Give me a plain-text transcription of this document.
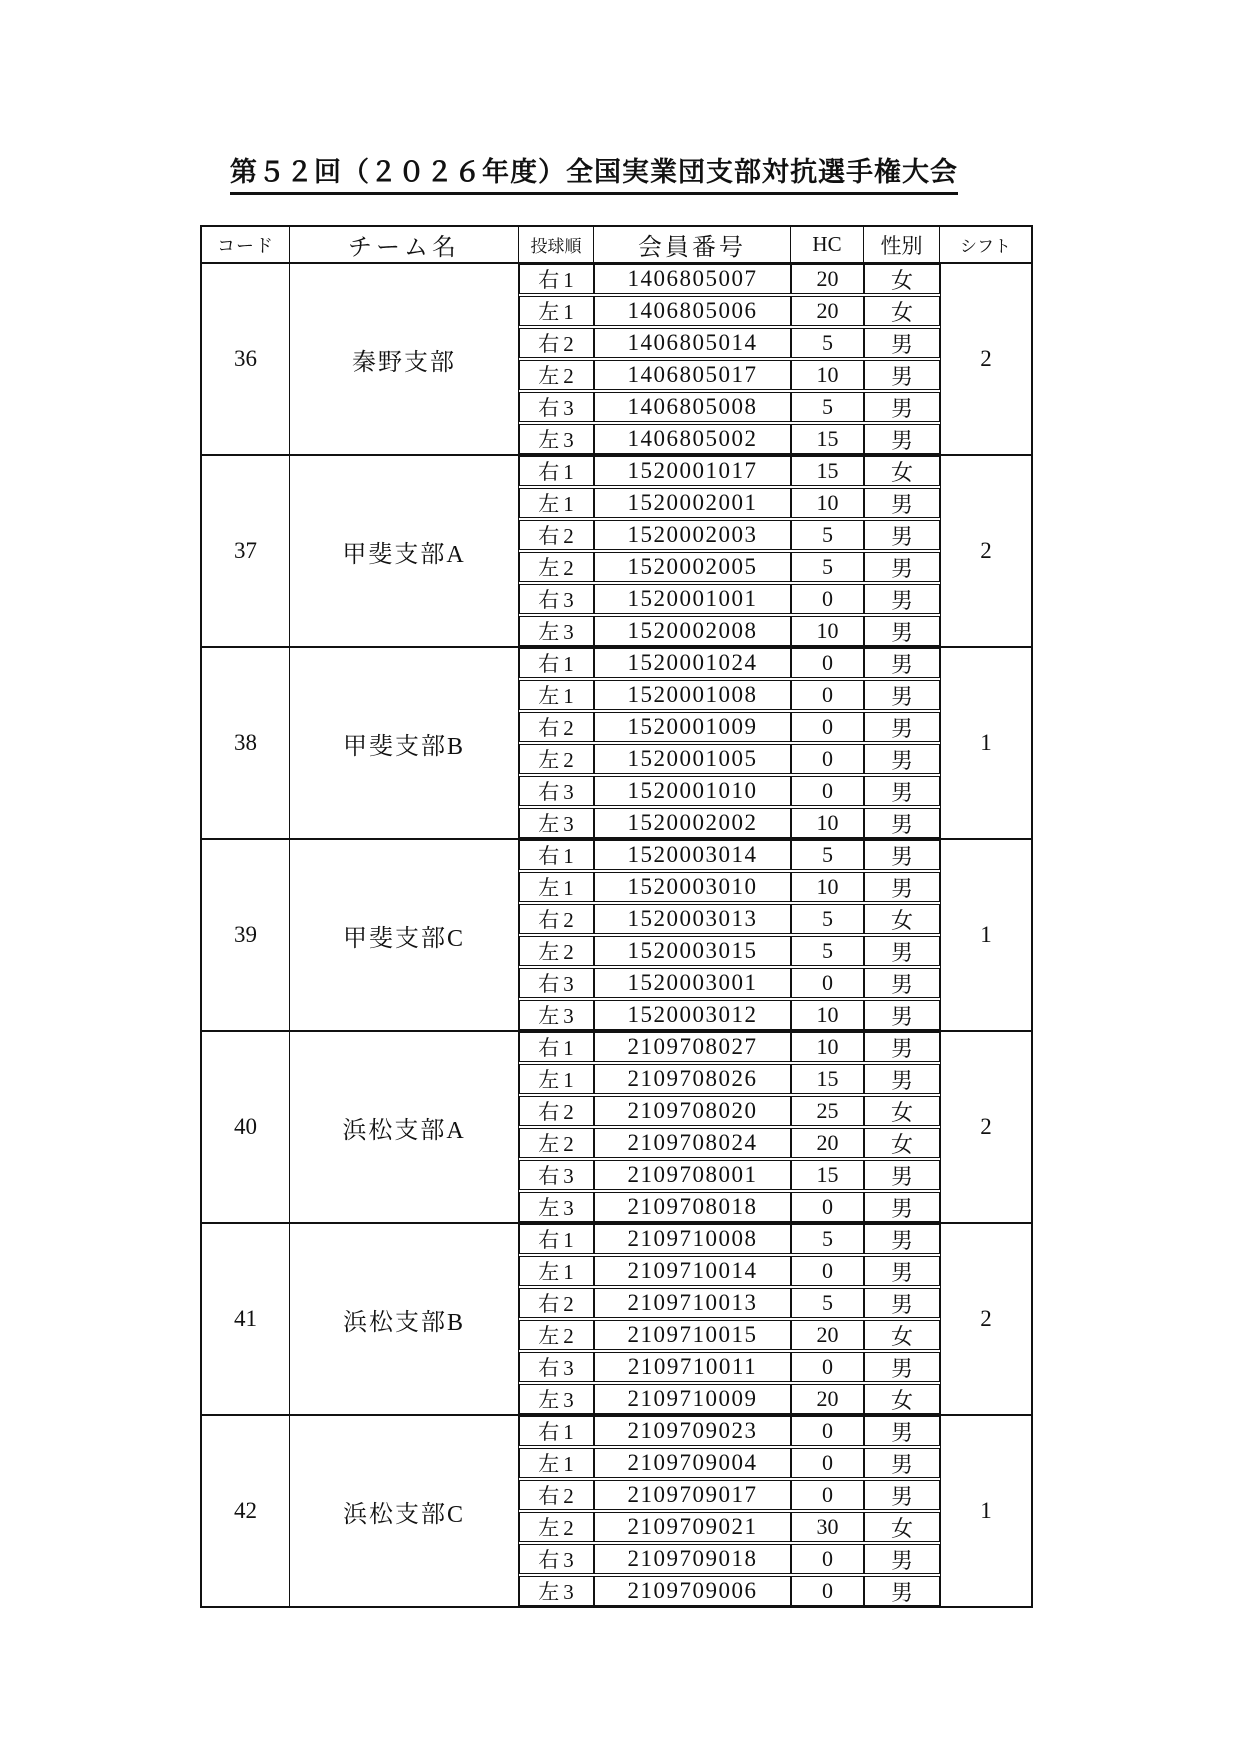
第５２回（２０２６年度）全国実業団支部対抗選手権大会
コード	チーム名	投球順	会員番号	HC	性別	シフト
36	秦野支部	2
右1	1406805007	20	女
左1	1406805006	20	女
右2	1406805014	5	男
左2	1406805017	10	男
右3	1406805008	5	男
左3	1406805002	15	男
37	甲斐支部A	2
右1	1520001017	15	女
左1	1520002001	10	男
右2	1520002003	5	男
左2	1520002005	5	男
右3	1520001001	0	男
左3	1520002008	10	男
38	甲斐支部B	1
右1	1520001024	0	男
左1	1520001008	0	男
右2	1520001009	0	男
左2	1520001005	0	男
右3	1520001010	0	男
左3	1520002002	10	男
39	甲斐支部C	1
右1	1520003014	5	男
左1	1520003010	10	男
右2	1520003013	5	女
左2	1520003015	5	男
右3	1520003001	0	男
左3	1520003012	10	男
40	浜松支部A	2
右1	2109708027	10	男
左1	2109708026	15	男
右2	2109708020	25	女
左2	2109708024	20	女
右3	2109708001	15	男
左3	2109708018	0	男
41	浜松支部B	2
右1	2109710008	5	男
左1	2109710014	0	男
右2	2109710013	5	男
左2	2109710015	20	女
右3	2109710011	0	男
左3	2109710009	20	女
42	浜松支部C	1
右1	2109709023	0	男
左1	2109709004	0	男
右2	2109709017	0	男
左2	2109709021	30	女
右3	2109709018	0	男
左3	2109709006	0	男
